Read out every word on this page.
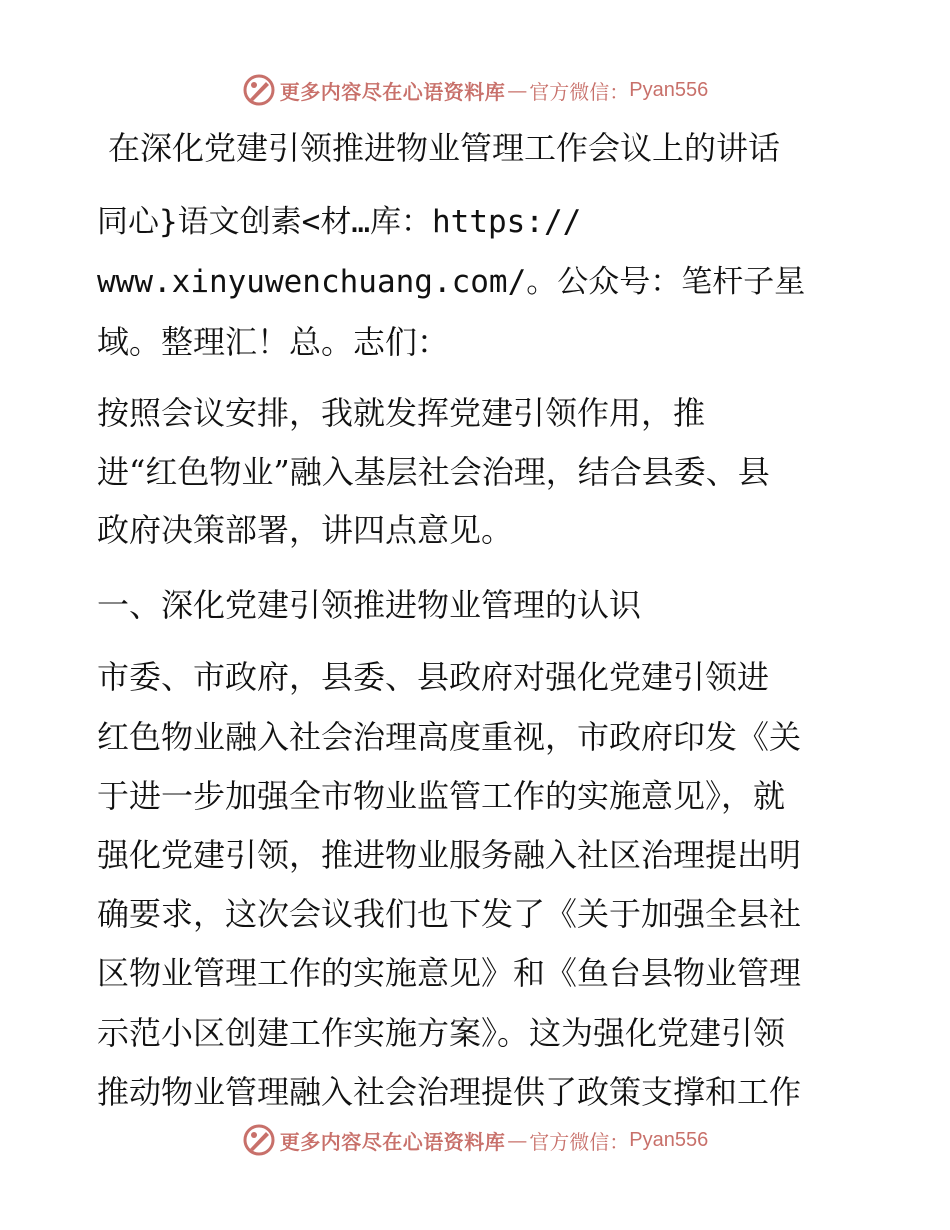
更多内容尽在心语资料库 — 官方微信： Pyan556
在深化党建引领推进物业管理工作会议上的讲话
同心}语文创素<材…库：https://
www.xinyuwenchuang.com/。公众号：笔杆子星
域。整理汇！总。志们：
按照会议安排，我就发挥党建引领作用，推
进“红色物业”融入基层社会治理，结合县委、县
政府决策部署，讲四点意见。
一、深化党建引领推进物业管理的认识
市委、市政府，县委、县政府对强化党建引领进
红色物业融入社会治理高度重视，市政府印发《关
于进一步加强全市物业监管工作的实施意见》，就
强化党建引领，推进物业服务融入社区治理提出明
确要求，这次会议我们也下发了《关于加强全县社
区物业管理工作的实施意见》和《鱼台县物业管理
示范小区创建工作实施方案》。这为强化党建引领
推动物业管理融入社会治理提供了政策支撑和工作
更多内容尽在心语资料库 — 官方微信： Pyan556
